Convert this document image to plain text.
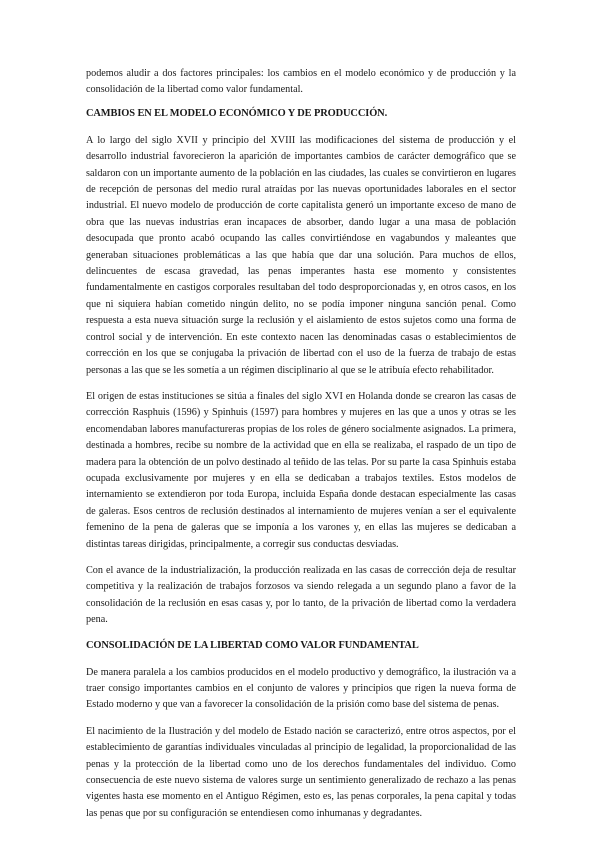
podemos aludir a dos factores principales: los cambios en el modelo económico y de producción y la consolidación de la libertad como valor fundamental.

CAMBIOS EN EL MODELO ECONÓMICO Y DE PRODUCCIÓN.

A lo largo del siglo XVII y principio del XVIII las modificaciones del sistema de producción y el desarrollo industrial favorecieron la aparición de importantes cambios de carácter demográfico que se saldaron con un importante aumento de la población en las ciudades, las cuales se convirtieron en lugares de recepción de personas del medio rural atraídas por las nuevas oportunidades laborales en el sector industrial. El nuevo modelo de producción de corte capitalista generó un importante exceso de mano de obra que las nuevas industrias eran incapaces de absorber, dando lugar a una masa de población desocupada que pronto acabó ocupando las calles convirtiéndose en vagabundos y maleantes que generaban situaciones problemáticas a las que había que dar una solución. Para muchos de ellos, delincuentes de escasa gravedad, las penas imperantes hasta ese momento y consistentes fundamentalmente en castigos corporales resultaban del todo desproporcionadas y, en otros casos, en los que ni siquiera habían cometido ningún delito, no se podía imponer ninguna sanción penal. Como respuesta a esta nueva situación surge la reclusión y el aislamiento de estos sujetos como una forma de control social y de intervención. En este contexto nacen las denominadas casas o establecimientos de corrección en los que se conjugaba la privación de libertad con el uso de la fuerza de trabajo de estas personas a las que se les sometía a un régimen disciplinario al que se le atribuía efecto rehabilitador.

El origen de estas instituciones se sitúa a finales del siglo XVI en Holanda donde se crearon las casas de corrección Rasphuis (1596) y Spinhuis (1597) para hombres y mujeres en las que a unos y otras se les encomendaban labores manufactureras propias de los roles de género socialmente asignados. La primera, destinada a hombres, recibe su nombre de la actividad que en ella se realizaba, el raspado de un tipo de madera para la obtención de un polvo destinado al teñido de las telas. Por su parte la casa Spinhuis estaba ocupada exclusivamente por mujeres y en ella se dedicaban a trabajos textiles. Estos modelos de internamiento se extendieron por toda Europa, incluida España donde destacan especialmente las casas de galeras. Esos centros de reclusión destinados al internamiento de mujeres venían a ser el equivalente femenino de la pena de galeras que se imponía a los varones y, en ellas las mujeres se dedicaban a distintas tareas dirigidas, principalmente, a corregir sus conductas desviadas.

Con el avance de la industrialización, la producción realizada en las casas de corrección deja de resultar competitiva y la realización de trabajos forzosos va siendo relegada a un segundo plano a favor de la consolidación de la reclusión en esas casas y, por lo tanto, de la privación de libertad como la verdadera pena.

CONSOLIDACIÓN DE LA LIBERTAD COMO VALOR FUNDAMENTAL

De manera paralela a los cambios producidos en el modelo productivo y demográfico, la ilustración va a traer consigo importantes cambios en el conjunto de valores y principios que rigen la nueva forma de Estado moderno y que van a favorecer la consolidación de la prisión como base del sistema de penas.

El nacimiento de la Ilustración y del modelo de Estado nación se caracterizó, entre otros aspectos, por el establecimiento de garantías individuales vinculadas al principio de legalidad, la proporcionalidad de las penas y la protección de la libertad como uno de los derechos fundamentales del individuo. Como consecuencia de este nuevo sistema de valores surge un sentimiento generalizado de rechazo a las penas vigentes hasta ese momento en el Antiguo Régimen, esto es, las penas corporales, la pena capital y todas las penas que por su configuración se entendiesen como inhumanas y degradantes.
